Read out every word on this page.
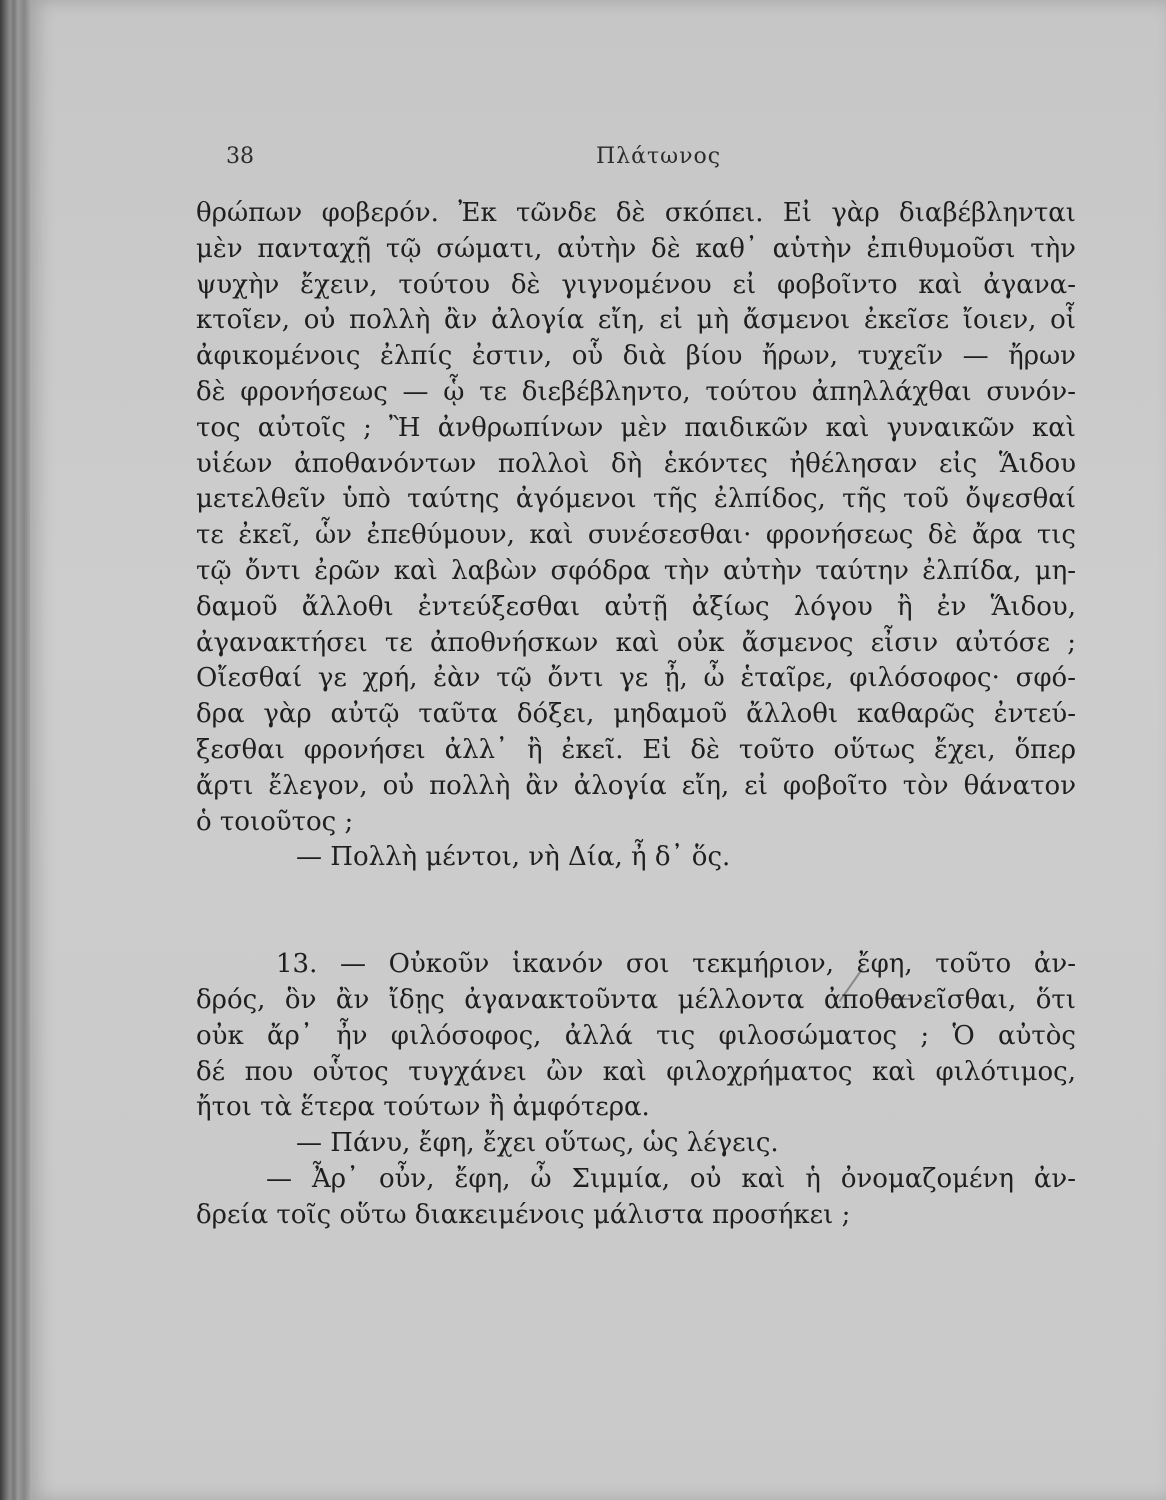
38	Πλάτωνος
θρώπων φοβερόν. Ἐκ τῶνδε δὲ σκόπει. Εἰ γὰρ διαβέβληνται
μὲν πανταχῇ τῷ σώματι, αὐτὴν δὲ καθ᾽ αὑτὴν ἐπιθυμοῦσι τὴν
ψυχὴν ἔχειν, τούτου δὲ γιγνομένου εἰ φοβοῖντο καὶ ἀγανα-
κτοῖεν, οὐ πολλὴ ἂν ἀλογία εἴη, εἰ μὴ ἄσμενοι ἐκεῖσε ἴοιεν, οἷ
ἀφικομένοις ἐλπίς ἐστιν, οὗ διὰ βίου ἤρων, τυχεῖν — ἤρων
δὲ φρονήσεως — ᾧ τε διεβέβληντο, τούτου ἀπηλλάχθαι συνόν-
τος αὐτοῖς ; Ἢ ἀνθρωπίνων μὲν παιδικῶν καὶ γυναικῶν καὶ
υἱέων ἀποθανόντων πολλοὶ δὴ ἑκόντες ἠθέλησαν εἰς Ἅιδου
μετελθεῖν ὑπὸ ταύτης ἀγόμενοι τῆς ἐλπίδος, τῆς τοῦ ὄψεσθαί
τε ἐκεῖ, ὧν ἐπεθύμουν, καὶ συνέσεσθαι· φρονήσεως δὲ ἄρα τις
τῷ ὄντι ἐρῶν καὶ λαβὼν σφόδρα τὴν αὐτὴν ταύτην ἐλπίδα, μη-
δαμοῦ ἄλλοθι ἐντεύξεσθαι αὐτῇ ἀξίως λόγου ἢ ἐν Ἅιδου,
ἀγανακτήσει τε ἀποθνήσκων καὶ οὐκ ἄσμενος εἶσιν αὐτόσε ;
Οἴεσθαί γε χρή, ἐὰν τῷ ὄντι γε ᾖ, ὦ ἑταῖρε, φιλόσοφος· σφό-
δρα γὰρ αὐτῷ ταῦτα δόξει, μηδαμοῦ ἄλλοθι καθαρῶς ἐντεύ-
ξεσθαι φρονήσει ἀλλ᾽ ἢ ἐκεῖ. Εἰ δὲ τοῦτο οὕτως ἔχει, ὅπερ
ἄρτι ἔλεγον, οὐ πολλὴ ἂν ἀλογία εἴη, εἰ φοβοῖτο τὸν θάνατον
ὁ τοιοῦτος ;
— Πολλὴ μέντοι, νὴ Δία, ἦ δ᾽ ὅς.
13. — Οὐκοῦν ἱκανόν σοι τεκμήριον, ἔφη, τοῦτο ἀν-
δρός, ὃν ἂν ἴδῃς ἀγανακτοῦντα μέλλοντα ἀποθανεῖσθαι, ὅτι
οὐκ ἄρ᾽ ἦν φιλόσοφος, ἀλλά τις φιλοσώματος ; Ὁ αὐτὸς
δέ που οὗτος τυγχάνει ὢν καὶ φιλοχρήματος καὶ φιλότιμος,
ἤτοι τὰ ἕτερα τούτων ἢ ἀμφότερα.
— Πάνυ, ἔφη, ἔχει οὕτως, ὡς λέγεις.
— Ἆρ᾽ οὖν, ἔφη, ὦ Σιμμία, οὐ καὶ ἡ ὀνομαζομένη ἀν-
δρεία τοῖς οὕτω διακειμένοις μάλιστα προσήκει ;
